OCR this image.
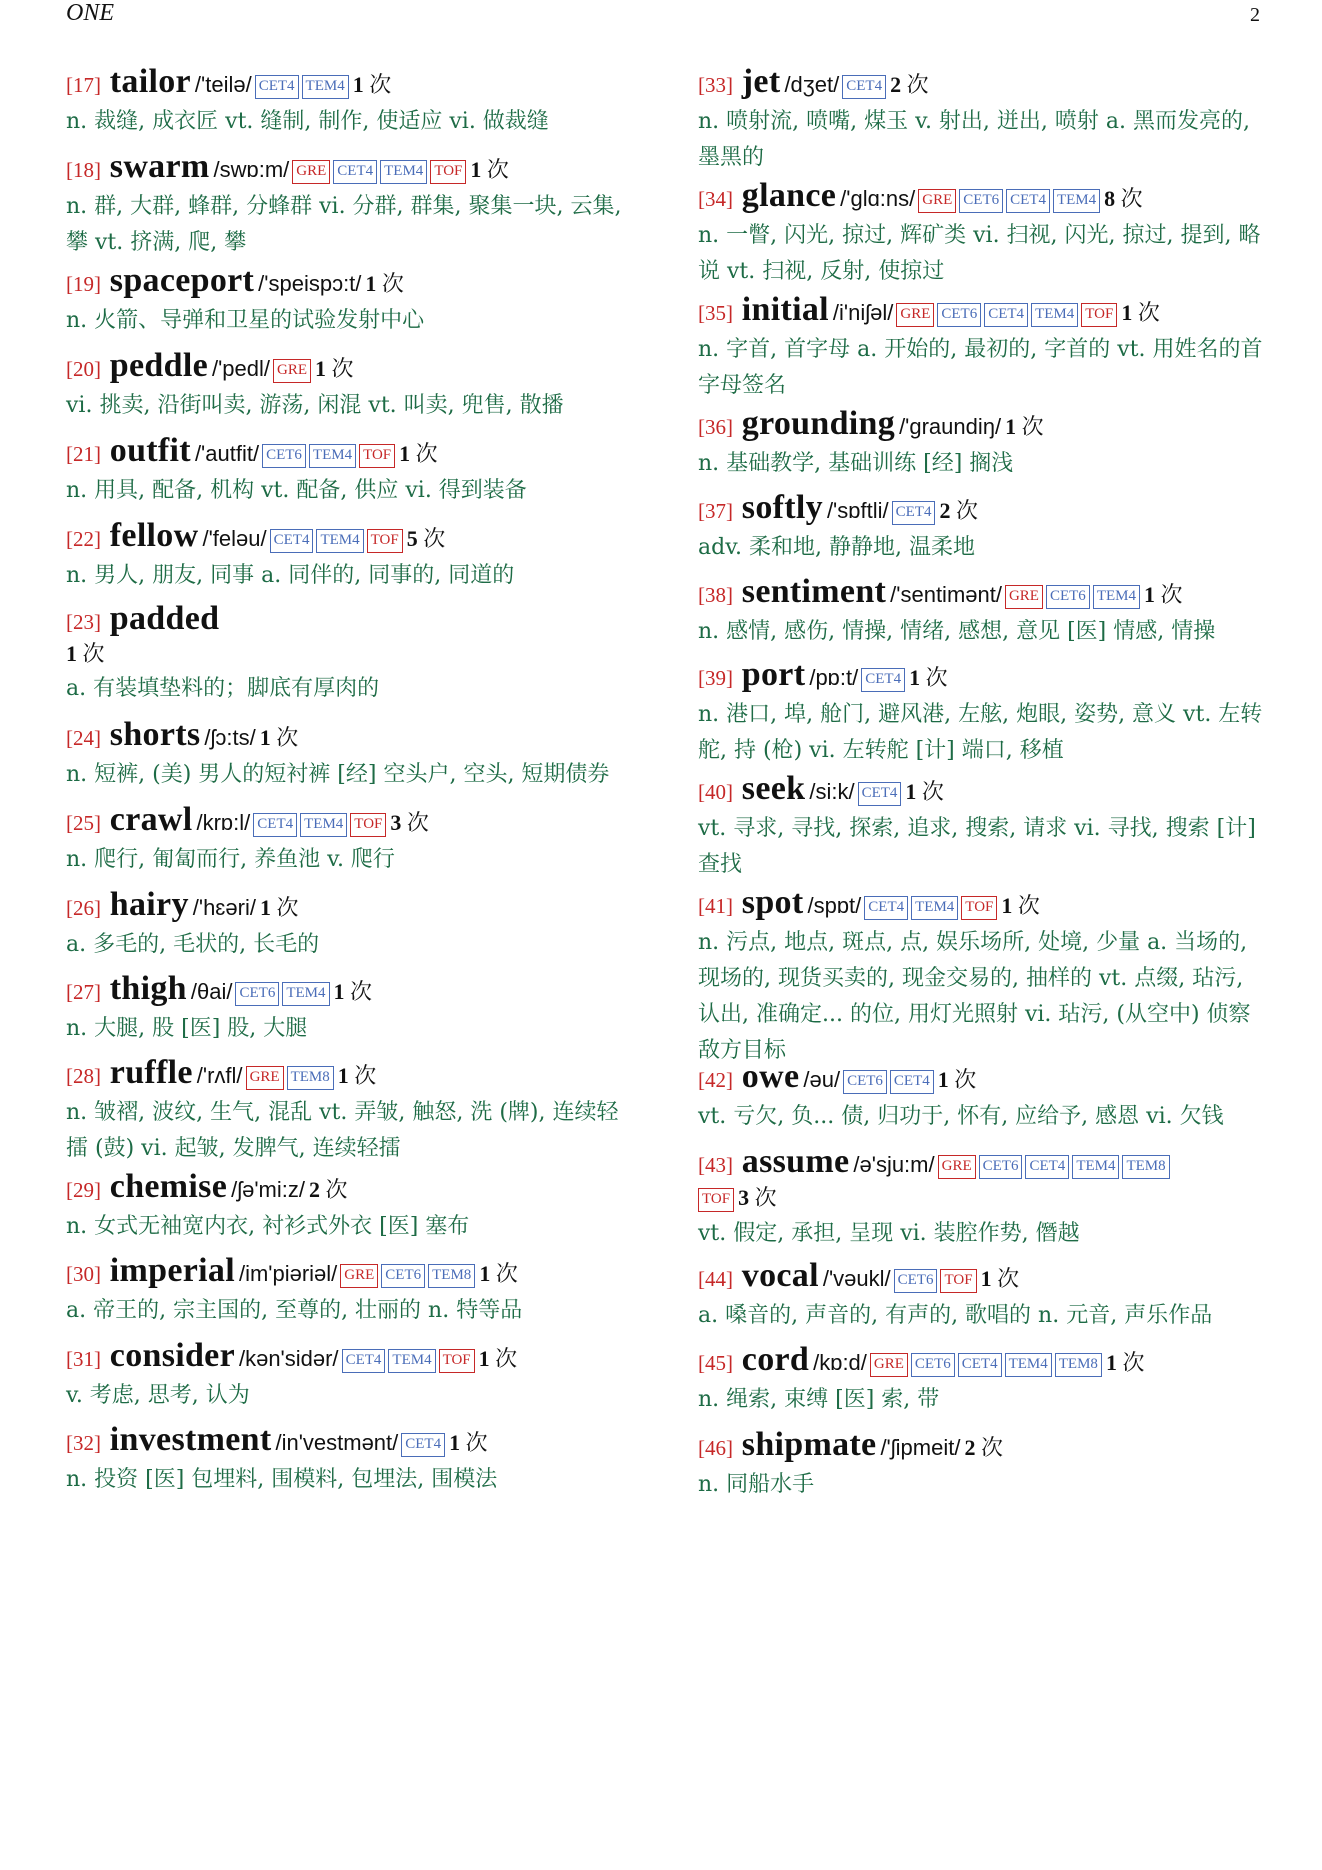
ONE	2
[17] tailor /'teilə/ CET4 TEM4 1 次
n. 裁缝, 成衣匠 vt. 缝制, 制作, 使适应 vi. 做裁缝
[18] swarm /swɒ:m/ GRE CET4 TEM4 TOF 1 次
n. 群, 大群, 蜂群, 分蜂群 vi. 分群, 群集, 聚集一块, 云集, 攀 vt. 挤满, 爬, 攀
[19] spaceport /'speispɔ:t/ 1 次
n. 火箭、导弹和卫星的试验发射中心
[20] peddle /'pedl/ GRE 1 次
vi. 挑卖, 沿街叫卖, 游荡, 闲混 vt. 叫卖, 兜售, 散播
[21] outfit /'autfit/ CET6 TEM4 TOF 1 次
n. 用具, 配备, 机构 vt. 配备, 供应 vi. 得到装备
[22] fellow /'feləu/ CET4 TEM4 TOF 5 次
n. 男人, 朋友, 同事 a. 同伴的, 同事的, 同道的
[23] padded
1 次
a. 有装填垫料的；脚底有厚肉的
[24] shorts /ʃɔ:ts/ 1 次
n. 短裤, (美) 男人的短衬裤 [经] 空头户, 空头, 短期债券
[25] crawl /krɒ:l/ CET4 TEM4 TOF 3 次
n. 爬行, 匍匐而行, 养鱼池 v. 爬行
[26] hairy /'hɛəri/ 1 次
a. 多毛的, 毛状的, 长毛的
[27] thigh /θai/ CET6 TEM4 1 次
n. 大腿, 股 [医] 股, 大腿
[28] ruffle /'rʌfl/ GRE TEM8 1 次
n. 皱褶, 波纹, 生气, 混乱 vt. 弄皱, 触怒, 洗 (牌), 连续轻擂 (鼓) vi. 起皱, 发脾气, 连续轻擂
[29] chemise /ʃə'mi:z/ 2 次
n. 女式无袖宽内衣, 衬衫式外衣 [医] 塞布
[30] imperial /im'piəriəl/ GRE CET6 TEM8 1 次
a. 帝王的, 宗主国的, 至尊的, 壮丽的 n. 特等品
[31] consider /kən'sidər/ CET4 TEM4 TOF 1 次
v. 考虑, 思考, 认为
[32] investment /in'vestmənt/ CET4 1 次
n. 投资 [医] 包埋料, 围模料, 包埋法, 围模法
[33] jet /dʒet/ CET4 2 次
n. 喷射流, 喷嘴, 煤玉 v. 射出, 迸出, 喷射 a. 黑而发亮的, 墨黑的
[34] glance /'glɑ:ns/ GRE CET6 CET4 TEM4 8 次
n. 一瞥, 闪光, 掠过, 辉矿类 vi. 扫视, 闪光, 掠过, 提到, 略说 vt. 扫视, 反射, 使掠过
[35] initial /i'niʃəl/ GRE CET6 CET4 TEM4 TOF 1 次
n. 字首, 首字母 a. 开始的, 最初的, 字首的 vt. 用姓名的首字母签名
[36] grounding /'graundiŋ/ 1 次
n. 基础教学, 基础训练 [经] 搁浅
[37] softly /'sɒftli/ CET4 2 次
adv. 柔和地, 静静地, 温柔地
[38] sentiment /'sentimənt/ GRE CET6 TEM4 1 次
n. 感情, 感伤, 情操, 情绪, 感想, 意见 [医] 情感, 情操
[39] port /pɒ:t/ CET4 1 次
n. 港口, 埠, 舱门, 避风港, 左舷, 炮眼, 姿势, 意义 vt. 左转舵, 持 (枪) vi. 左转舵 [计] 端口, 移植
[40] seek /si:k/ CET4 1 次
vt. 寻求, 寻找, 探索, 追求, 搜索, 请求 vi. 寻找, 搜索 [计] 查找
[41] spot /spɒt/ CET4 TEM4 TOF 1 次
n. 污点, 地点, 斑点, 点, 娱乐场所, 处境, 少量 a. 当场的, 现场的, 现货买卖的, 现金交易的, 抽样的 vt. 点缀, 玷污, 认出, 准确定... 的位, 用灯光照射 vi. 玷污, (从空中) 侦察敌方目标
[42] owe /əu/ CET6 CET4 1 次
vt. 亏欠, 负... 债, 归功于, 怀有, 应给予, 感恩 vi. 欠钱
[43] assume /ə'sju:m/ GRE CET6 CET4 TEM4 TEM8
TOF 3 次
vt. 假定, 承担, 呈现 vi. 装腔作势, 僭越
[44] vocal /'vəukl/ CET6 TOF 1 次
a. 嗓音的, 声音的, 有声的, 歌唱的 n. 元音, 声乐作品
[45] cord /kɒ:d/ GRE CET6 CET4 TEM4 TEM8 1 次
n. 绳索, 束缚 [医] 索, 带
[46] shipmate /'ʃipmeit/ 2 次
n. 同船水手
